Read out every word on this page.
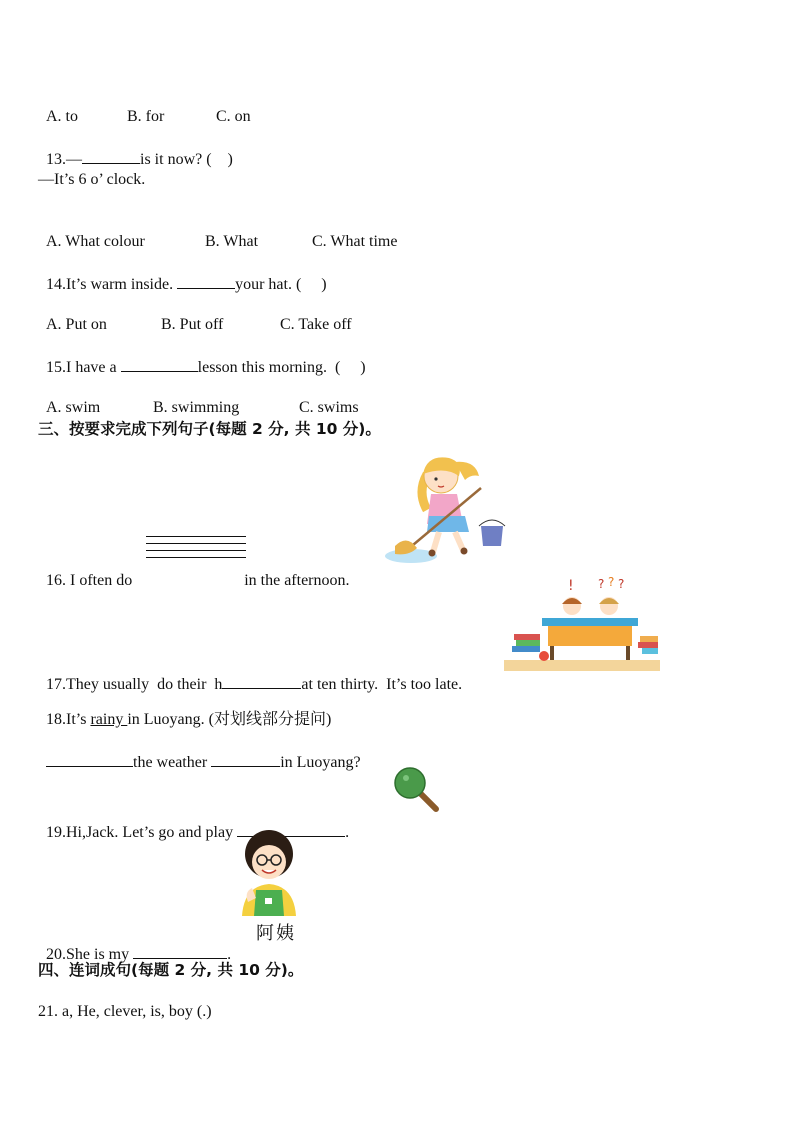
A. to	B. for	C. on

13.—	is it now? (　)

—It’s 6 o’ clock.

A. What colour	B. What	C. What time

14.It’s warm inside.	your hat. (　 )

A. Put on	B. Put off	C. Take off

15.I have a	lesson this morning.  (　 )

A. swim	B. swimming	C. swims

三、按要求完成下列句子(每题 2 分, 共 10 分)。

16. I often do	in the afternoon.	! ? ? ?

17.They usually  do their  h	at ten thirty.  It’s too late.

18.It’s rainy in Luoyang. (对划线部分提问)

the weather	in Luoyang?

19.Hi,Jack. Let’s go and play	.

阿姨

20.She is my	.

四、连词成句(每题 2 分, 共 10 分)。
21. a, He, clever, is, boy (.)
